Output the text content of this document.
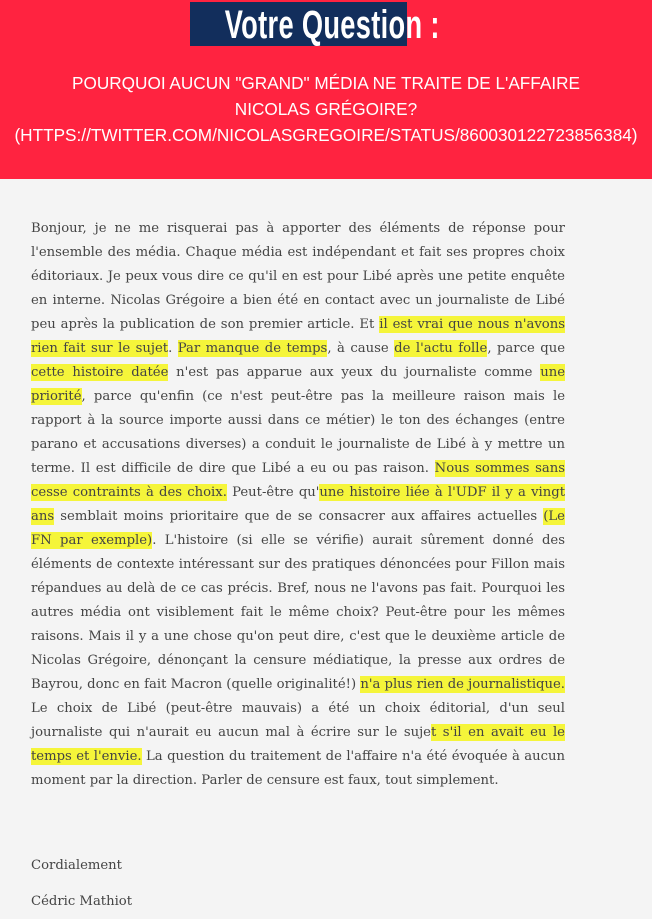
Votre Question :
POURQUOI AUCUN "GRAND" MÉDIA NE TRAITE DE L'AFFAIRE
NICOLAS GRÉGOIRE?
(HTTPS://TWITTER.COM/NICOLASGREGOIRE/STATUS/860030122723856384)

Bonjour, je ne me risquerai pas à apporter des éléments de réponse pour l'ensemble des média. Chaque média est indépendant et fait ses propres choix éditoriaux. Je peux vous dire ce qu'il en est pour Libé après une petite enquête en interne. Nicolas Grégoire a bien été en contact avec un journaliste de Libé peu après la publication de son premier article. Et il est vrai que nous n'avons rien fait sur le sujet. Par manque de temps, à cause de l'actu folle, parce que cette histoire datée n'est pas apparue aux yeux du journaliste comme une priorité, parce qu'enfin (ce n'est peut-être pas la meilleure raison mais le rapport à la source importe aussi dans ce métier) le ton des échanges (entre parano et accusations diverses) a conduit le journaliste de Libé à y mettre un terme. Il est difficile de dire que Libé a eu ou pas raison. Nous sommes sans cesse contraints à des choix. Peut-être qu'une histoire liée à l'UDF il y a vingt ans semblait moins prioritaire que de se consacrer aux affaires actuelles (Le FN par exemple). L'histoire (si elle se vérifie) aurait sûrement donné des éléments de contexte intéressant sur des pratiques dénoncées pour Fillon mais répandues au delà de ce cas précis. Bref, nous ne l'avons pas fait. Pourquoi les autres média ont visiblement fait le même choix? Peut-être pour les mêmes raisons. Mais il y a une chose qu'on peut dire, c'est que le deuxième article de Nicolas Grégoire, dénonçant la censure médiatique, la presse aux ordres de Bayrou, donc en fait Macron (quelle originalité!) n'a plus rien de journalistique. Le choix de Libé (peut-être mauvais) a été un choix éditorial, d'un seul journaliste qui n'aurait eu aucun mal à écrire sur le sujet s'il en avait eu le temps et l'envie. La question du traitement de l'affaire n'a été évoquée à aucun moment par la direction. Parler de censure est faux, tout simplement.

Cordialement
Cédric Mathiot
